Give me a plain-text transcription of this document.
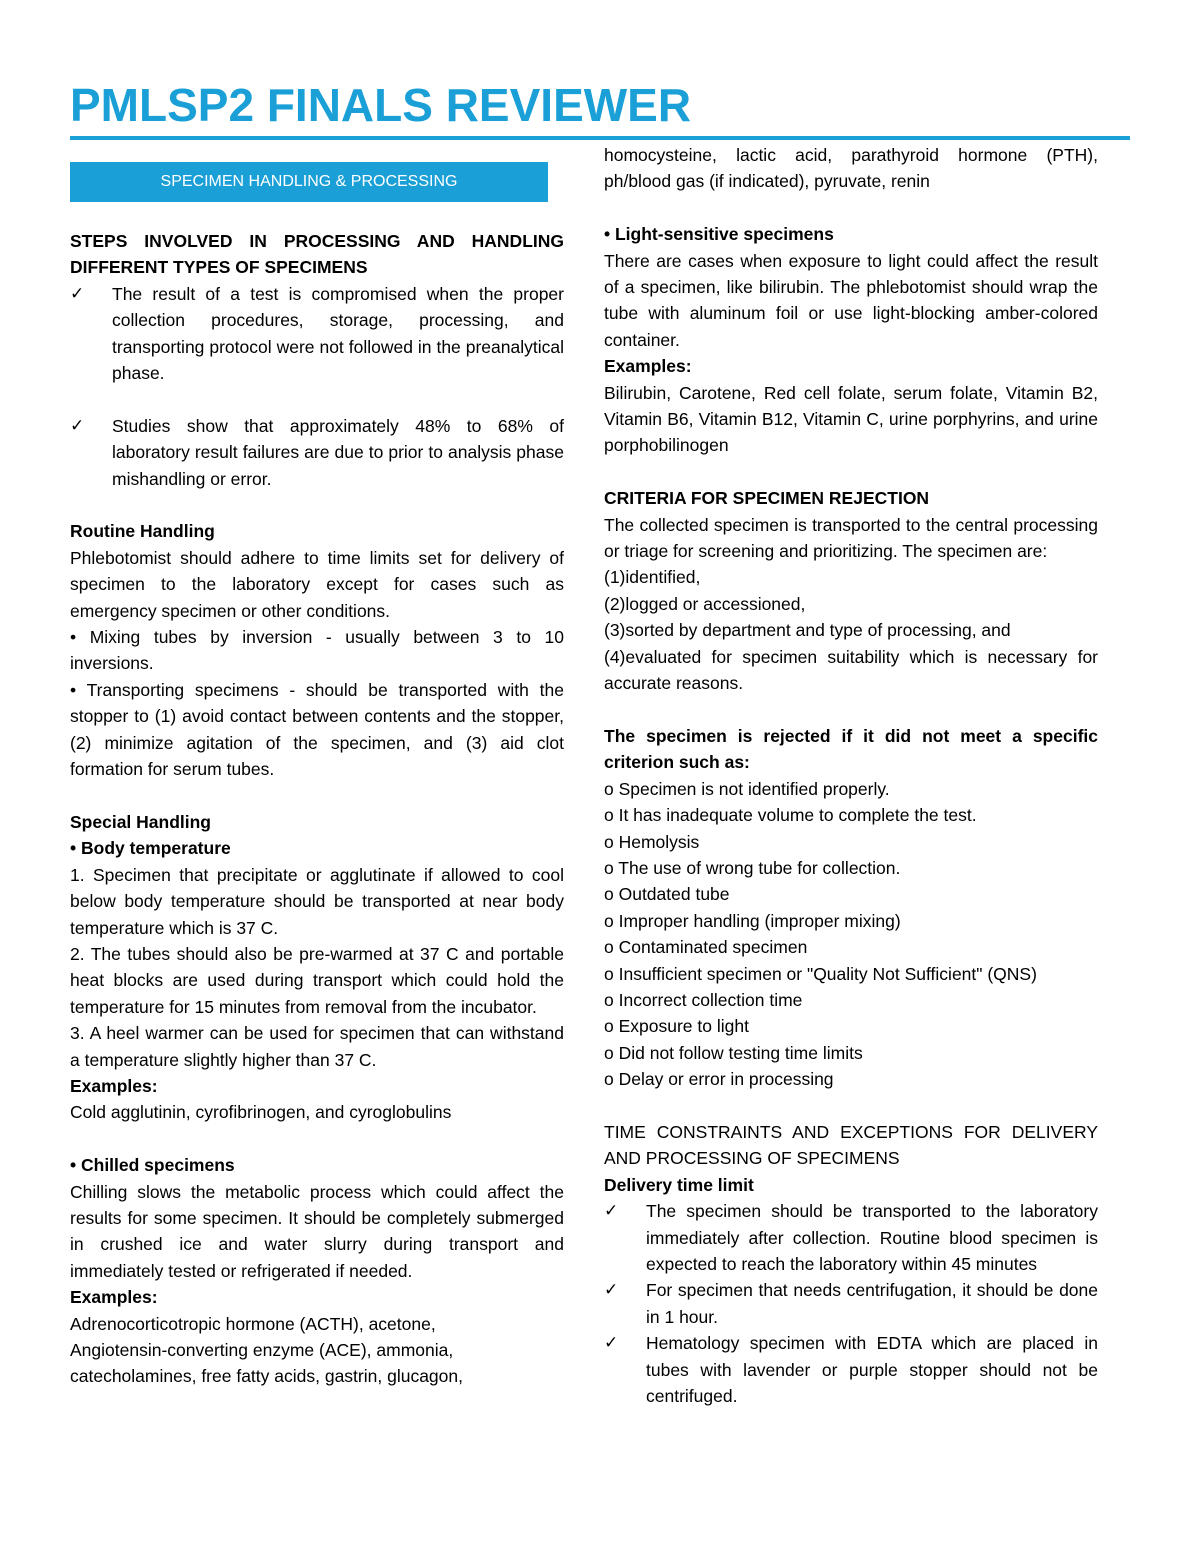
PMLSP2 FINALS REVIEWER
SPECIMEN HANDLING & PROCESSING

STEPS INVOLVED IN PROCESSING AND HANDLING DIFFERENT TYPES OF SPECIMENS

✓	The result of a test is compromised when the proper collection procedures, storage, processing, and transporting protocol were not followed in the preanalytical phase.
✓	Studies show that approximately 48% to 68% of laboratory result failures are due to prior to analysis phase mishandling or error.

Routine Handling

Phlebotomist should adhere to time limits set for delivery of specimen to the laboratory except for cases such as emergency specimen or other conditions.

• Mixing tubes by inversion - usually between 3 to 10 inversions.

• Transporting specimens - should be transported with the stopper to (1) avoid contact between contents and the stopper, (2) minimize agitation of the specimen, and (3) aid clot formation for serum tubes.

Special Handling

• Body temperature

1. Specimen that precipitate or agglutinate if allowed to cool below body temperature should be transported at near body temperature which is 37 C.

2. The tubes should also be pre-warmed at 37 C and portable heat blocks are used during transport which could hold the temperature for 15 minutes from removal from the incubator.

3. A heel warmer can be used for specimen that can withstand a temperature slightly higher than 37 C.

Examples:

Cold agglutinin, cyrofibrinogen, and cyroglobulins

• Chilled specimens

Chilling slows the metabolic process which could affect the results for some specimen. It should be completely submerged in crushed ice and water slurry during transport and immediately tested or refrigerated if needed.

Examples:

Adrenocorticotropic hormone (ACTH), acetone,

Angiotensin-converting enzyme (ACE), ammonia,

catecholamines, free fatty acids, gastrin, glucagon,

homocysteine, lactic acid, parathyroid hormone (PTH), ph/blood gas (if indicated), pyruvate, renin

• Light-sensitive specimens

There are cases when exposure to light could affect the result of a specimen, like bilirubin. The phlebotomist should wrap the tube with aluminum foil or use light-blocking amber-colored container.

Examples:

Bilirubin, Carotene, Red cell folate, serum folate, Vitamin B2, Vitamin B6, Vitamin B12, Vitamin C, urine porphyrins, and urine porphobilinogen

CRITERIA FOR SPECIMEN REJECTION

The collected specimen is transported to the central processing or triage for screening and prioritizing. The specimen are:

(1)identified,

(2)logged or accessioned,

(3)sorted by department and type of processing, and

(4)evaluated for specimen suitability which is necessary for accurate reasons.

The specimen is rejected if it did not meet a specific criterion such as:

o Specimen is not identified properly.

o It has inadequate volume to complete the test.

o Hemolysis

o The use of wrong tube for collection.

o Outdated tube

o Improper handling (improper mixing)

o Contaminated specimen

o Insufficient specimen or "Quality Not Sufficient" (QNS)

o Incorrect collection time

o Exposure to light

o Did not follow testing time limits

o Delay or error in processing

TIME CONSTRAINTS AND EXCEPTIONS FOR DELIVERY AND PROCESSING OF SPECIMENS

Delivery time limit

✓	The specimen should be transported to the laboratory immediately after collection. Routine blood specimen is expected to reach the laboratory within 45 minutes
✓	For specimen that needs centrifugation, it should be done in 1 hour.
✓	Hematology specimen with EDTA which are placed in tubes with lavender or purple stopper should not be centrifuged.
